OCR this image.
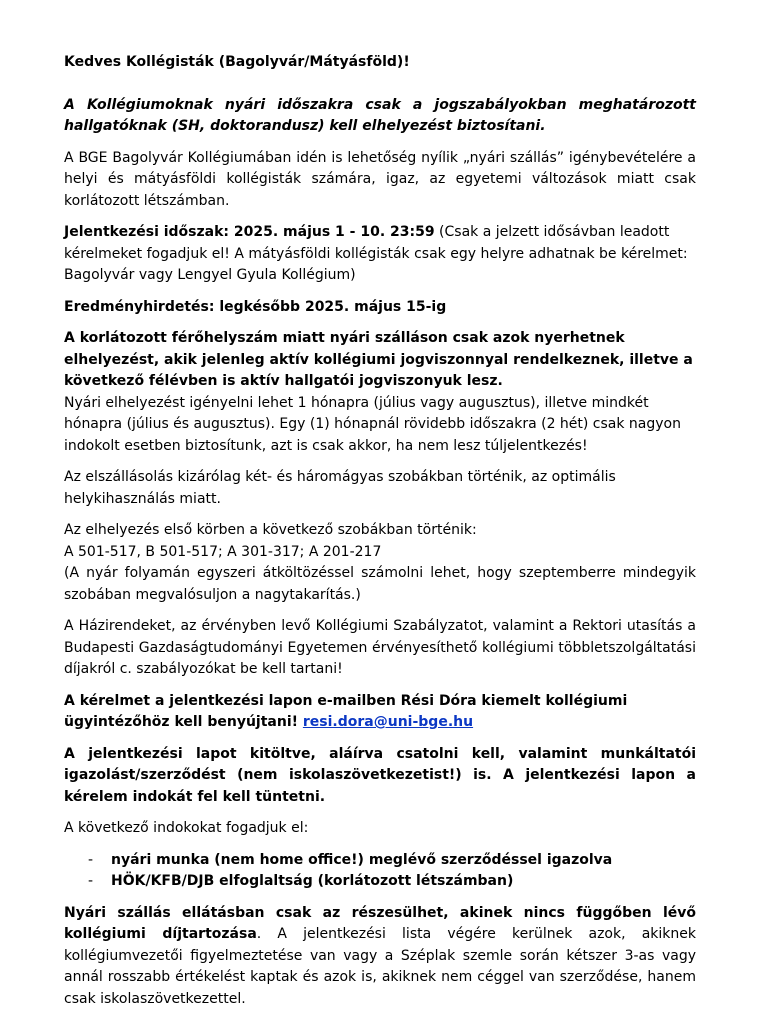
Kedves Kollégisták (Bagolyvár/Mátyásföld)!

A Kollégiumoknak nyári időszakra csak a jogszabályokban meghatározott hallgatóknak (SH, doktorandusz) kell elhelyezést biztosítani.

A BGE Bagolyvár Kollégiumában idén is lehetőség nyílik „nyári szállás” igénybevételére a helyi és mátyásföldi kollégisták számára, igaz, az egyetemi változások miatt csak korlátozott létszámban.

Jelentkezési időszak: 2025. május 1 - 10. 23:59 (Csak a jelzett idősávban leadott kérelmeket fogadjuk el! A mátyásföldi kollégisták csak egy helyre adhatnak be kérelmet: Bagolyvár vagy Lengyel Gyula Kollégium)

Eredményhirdetés: legkésőbb 2025. május 15-ig

A korlátozott férőhelyszám miatt nyári szálláson csak azok nyerhetnek elhelyezést, akik jelenleg aktív kollégiumi jogviszonnyal rendelkeznek, illetve a következő félévben is aktív hallgatói jogviszonyuk lesz.
Nyári elhelyezést igényelni lehet 1 hónapra (július vagy augusztus), illetve mindkét hónapra (július és augusztus). Egy (1) hónapnál rövidebb időszakra (2 hét) csak nagyon indokolt esetben biztosítunk, azt is csak akkor, ha nem lesz túljelentkezés!

Az elszállásolás kizárólag két- és háromágyas szobákban történik, az optimális helykihasználás miatt.

Az elhelyezés első körben a következő szobákban történik:
A 501-517, B 501-517; A 301-317; A 201-217
(A nyár folyamán egyszeri átköltözéssel számolni lehet, hogy szeptemberre mindegyik szobában megvalósuljon a nagytakarítás.)

A Házirendeket, az érvényben levő Kollégiumi Szabályzatot, valamint a Rektori utasítás a Budapesti Gazdaságtudományi Egyetemen érvényesíthető kollégiumi többletszolgáltatási díjakról c. szabályozókat be kell tartani!

A kérelmet a jelentkezési lapon e-mailben Rési Dóra kiemelt kollégiumi ügyintézőhöz kell benyújtani! resi.dora@uni-bge.hu

A jelentkezési lapot kitöltve, aláírva csatolni kell, valamint munkáltatói igazolást/szerződést (nem iskolaszövetkezetist!) is. A jelentkezési lapon a kérelem indokát fel kell tüntetni.

A következő indokokat fogadjuk el:

- nyári munka (nem home office!) meglévő szerződéssel igazolva
- HÖK/KFB/DJB elfoglaltság (korlátozott létszámban)

Nyári szállás ellátásban csak az részesülhet, akinek nincs függőben lévő kollégiumi díjtartozása. A jelentkezési lista végére kerülnek azok, akiknek kollégiumvezetői figyelmeztetése van vagy a Széplak szemle során kétszer 3-as vagy annál rosszabb értékelést kaptak és azok is, akiknek nem céggel van szerződése, hanem csak iskolaszövetkezettel.
